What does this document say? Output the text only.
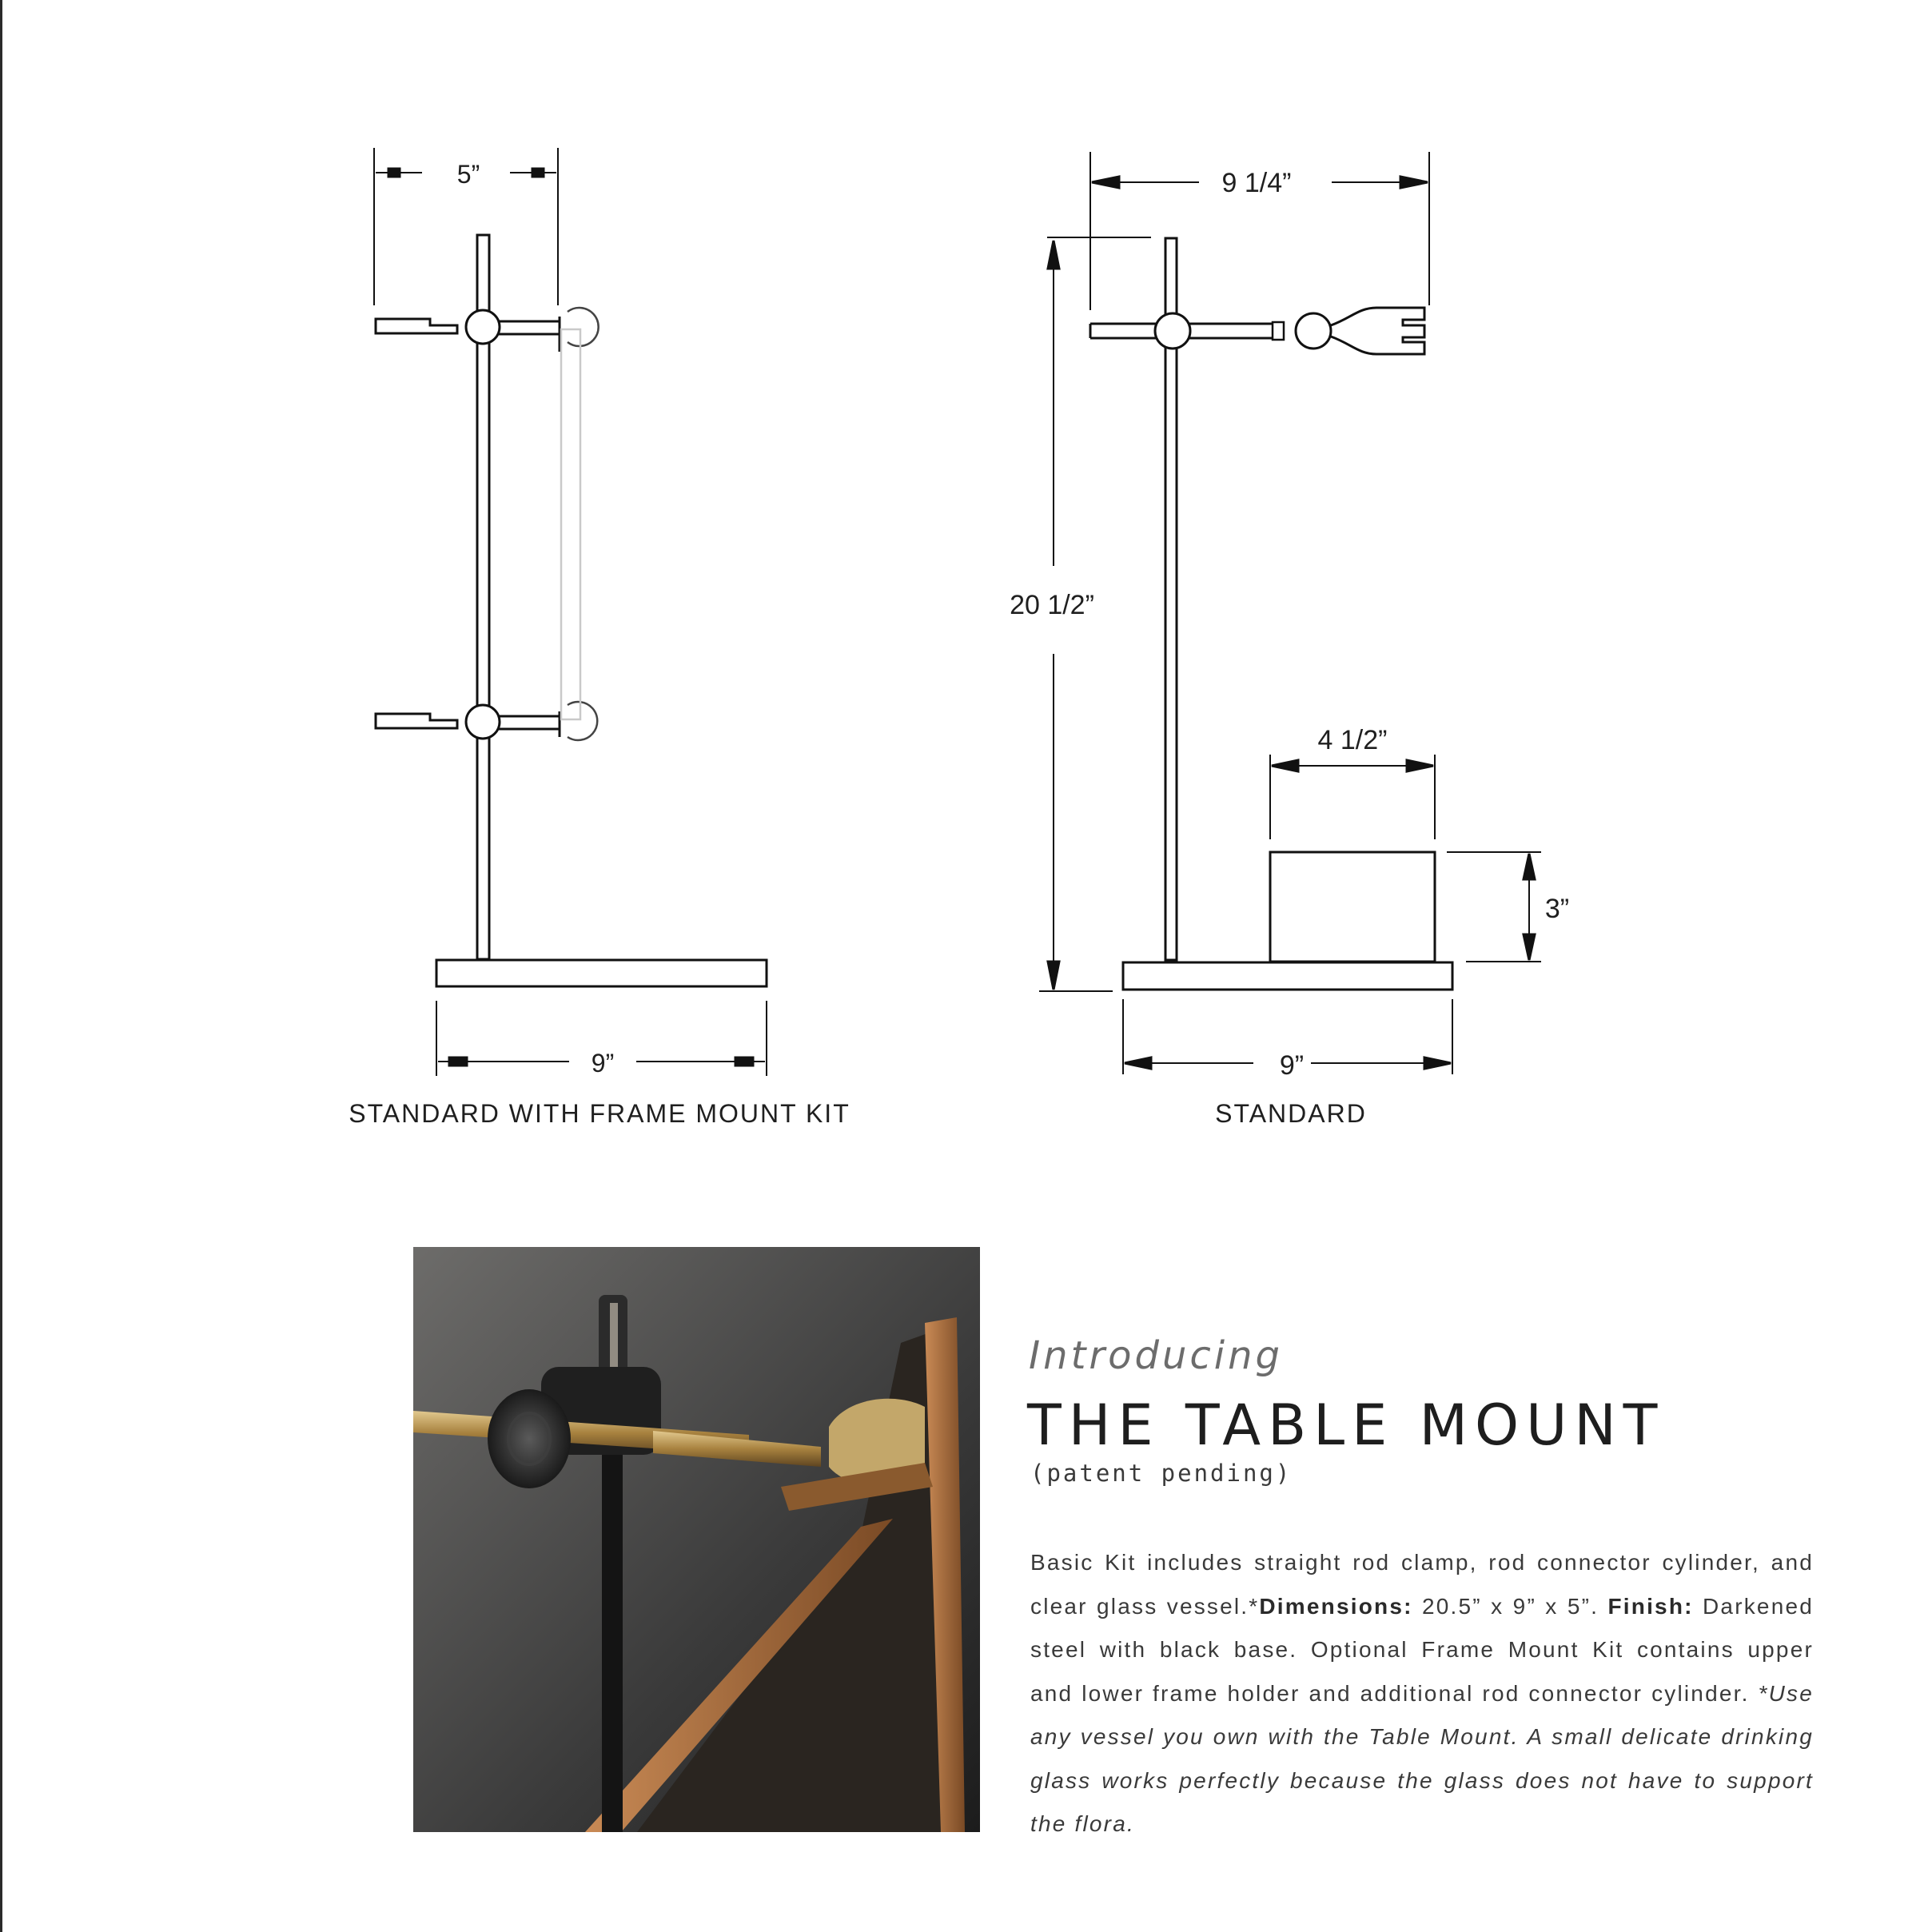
5”
9”
9 1/4”
20 1/2”
4 1/2”
3”
9”
STANDARD WITH FRAME MOUNT KIT	STANDARD
Introducing
THE TABLE MOUNT
(patent pending)
Basic Kit includes straight rod clamp, rod connector cylinder, and clear glass vessel.*Dimensions: 20.5” x 9” x 5”. Finish: Darkened steel with black base. Optional Frame Mount Kit contains upper and lower frame holder and additional rod connector cylinder. *Use any vessel you own with the Table Mount. A small delicate drinking glass works perfectly because the glass does not have to support the flora.
